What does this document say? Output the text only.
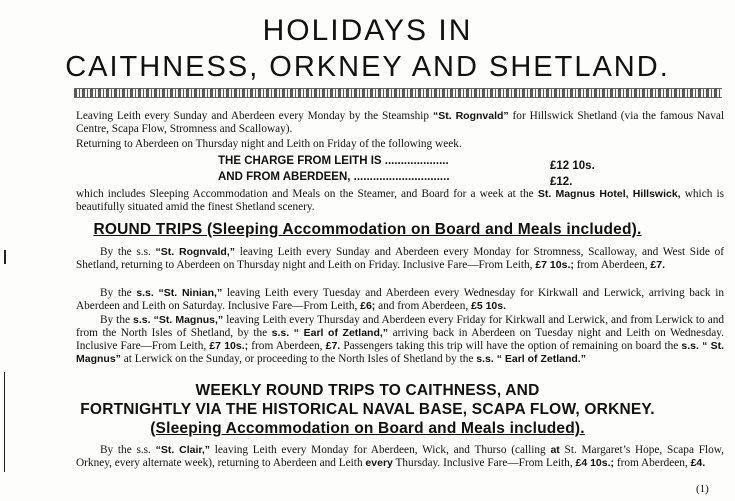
HOLIDAYS IN
CAITHNESS, ORKNEY AND SHETLAND.
Leaving Leith every Sunday and Aberdeen every Monday by the Steamship “St. Rognvald” for Hillswick Shetland (via the famous Naval Centre, Scapa Flow, Stromness and Scalloway).
Returning to Aberdeen on Thursday night and Leith on Friday of the following week.
THE CHARGE FROM LEITH IS ....................	£12 10s.
AND FROM ABERDEEN, ..............................	£12.
which includes Sleeping Accommodation and Meals on the Steamer, and Board for a week at the St. Magnus Hotel, Hillswick, which is beautifully situated amid the finest Shetland scenery.
ROUND TRIPS (Sleeping Accommodation on Board and Meals included).
By the s.s. “St. Rognvald,” leaving Leith every Sunday and Aberdeen every Monday for Stromness, Scalloway, and West Side of Shetland, returning to Aberdeen on Thursday night and Leith on Friday. Inclusive Fare—From Leith, £7 10s.; from Aberdeen, £7.
By the s.s. “St. Ninian,” leaving Leith every Tuesday and Aberdeen every Wednesday for Kirkwall and Lerwick, arriving back in Aberdeen and Leith on Saturday. Inclusive Fare—From Leith, £6; and from Aberdeen, £5 10s.
By the s.s. “St. Magnus,” leaving Leith every Thursday and Aberdeen every Friday for Kirkwall and Lerwick, and from Lerwick to and from the North Isles of Shetland, by the s.s. “ Earl of Zetland,” arriving back in Aberdeen on Tuesday night and Leith on Wednesday. Inclusive Fare—From Leith, £7 10s.; from Aberdeen, £7. Passengers taking this trip will have the option of remaining on board the s.s. “ St. Magnus” at Lerwick on the Sunday, or proceeding to the North Isles of Shetland by the s.s. “ Earl of Zetland.”
WEEKLY ROUND TRIPS TO CAITHNESS, AND
FORTNIGHTLY VIA THE HISTORICAL NAVAL BASE, SCAPA FLOW, ORKNEY.
(Sleeping Accommodation on Board and Meals included).
By the s.s. “St. Clair,” leaving Leith every Monday for Aberdeen, Wick, and Thurso (calling at St. Margaret’s Hope, Scapa Flow, Orkney, every alternate week), returning to Aberdeen and Leith every Thursday. Inclusive Fare—From Leith, £4 10s.; from Aberdeen, £4.
(1)
